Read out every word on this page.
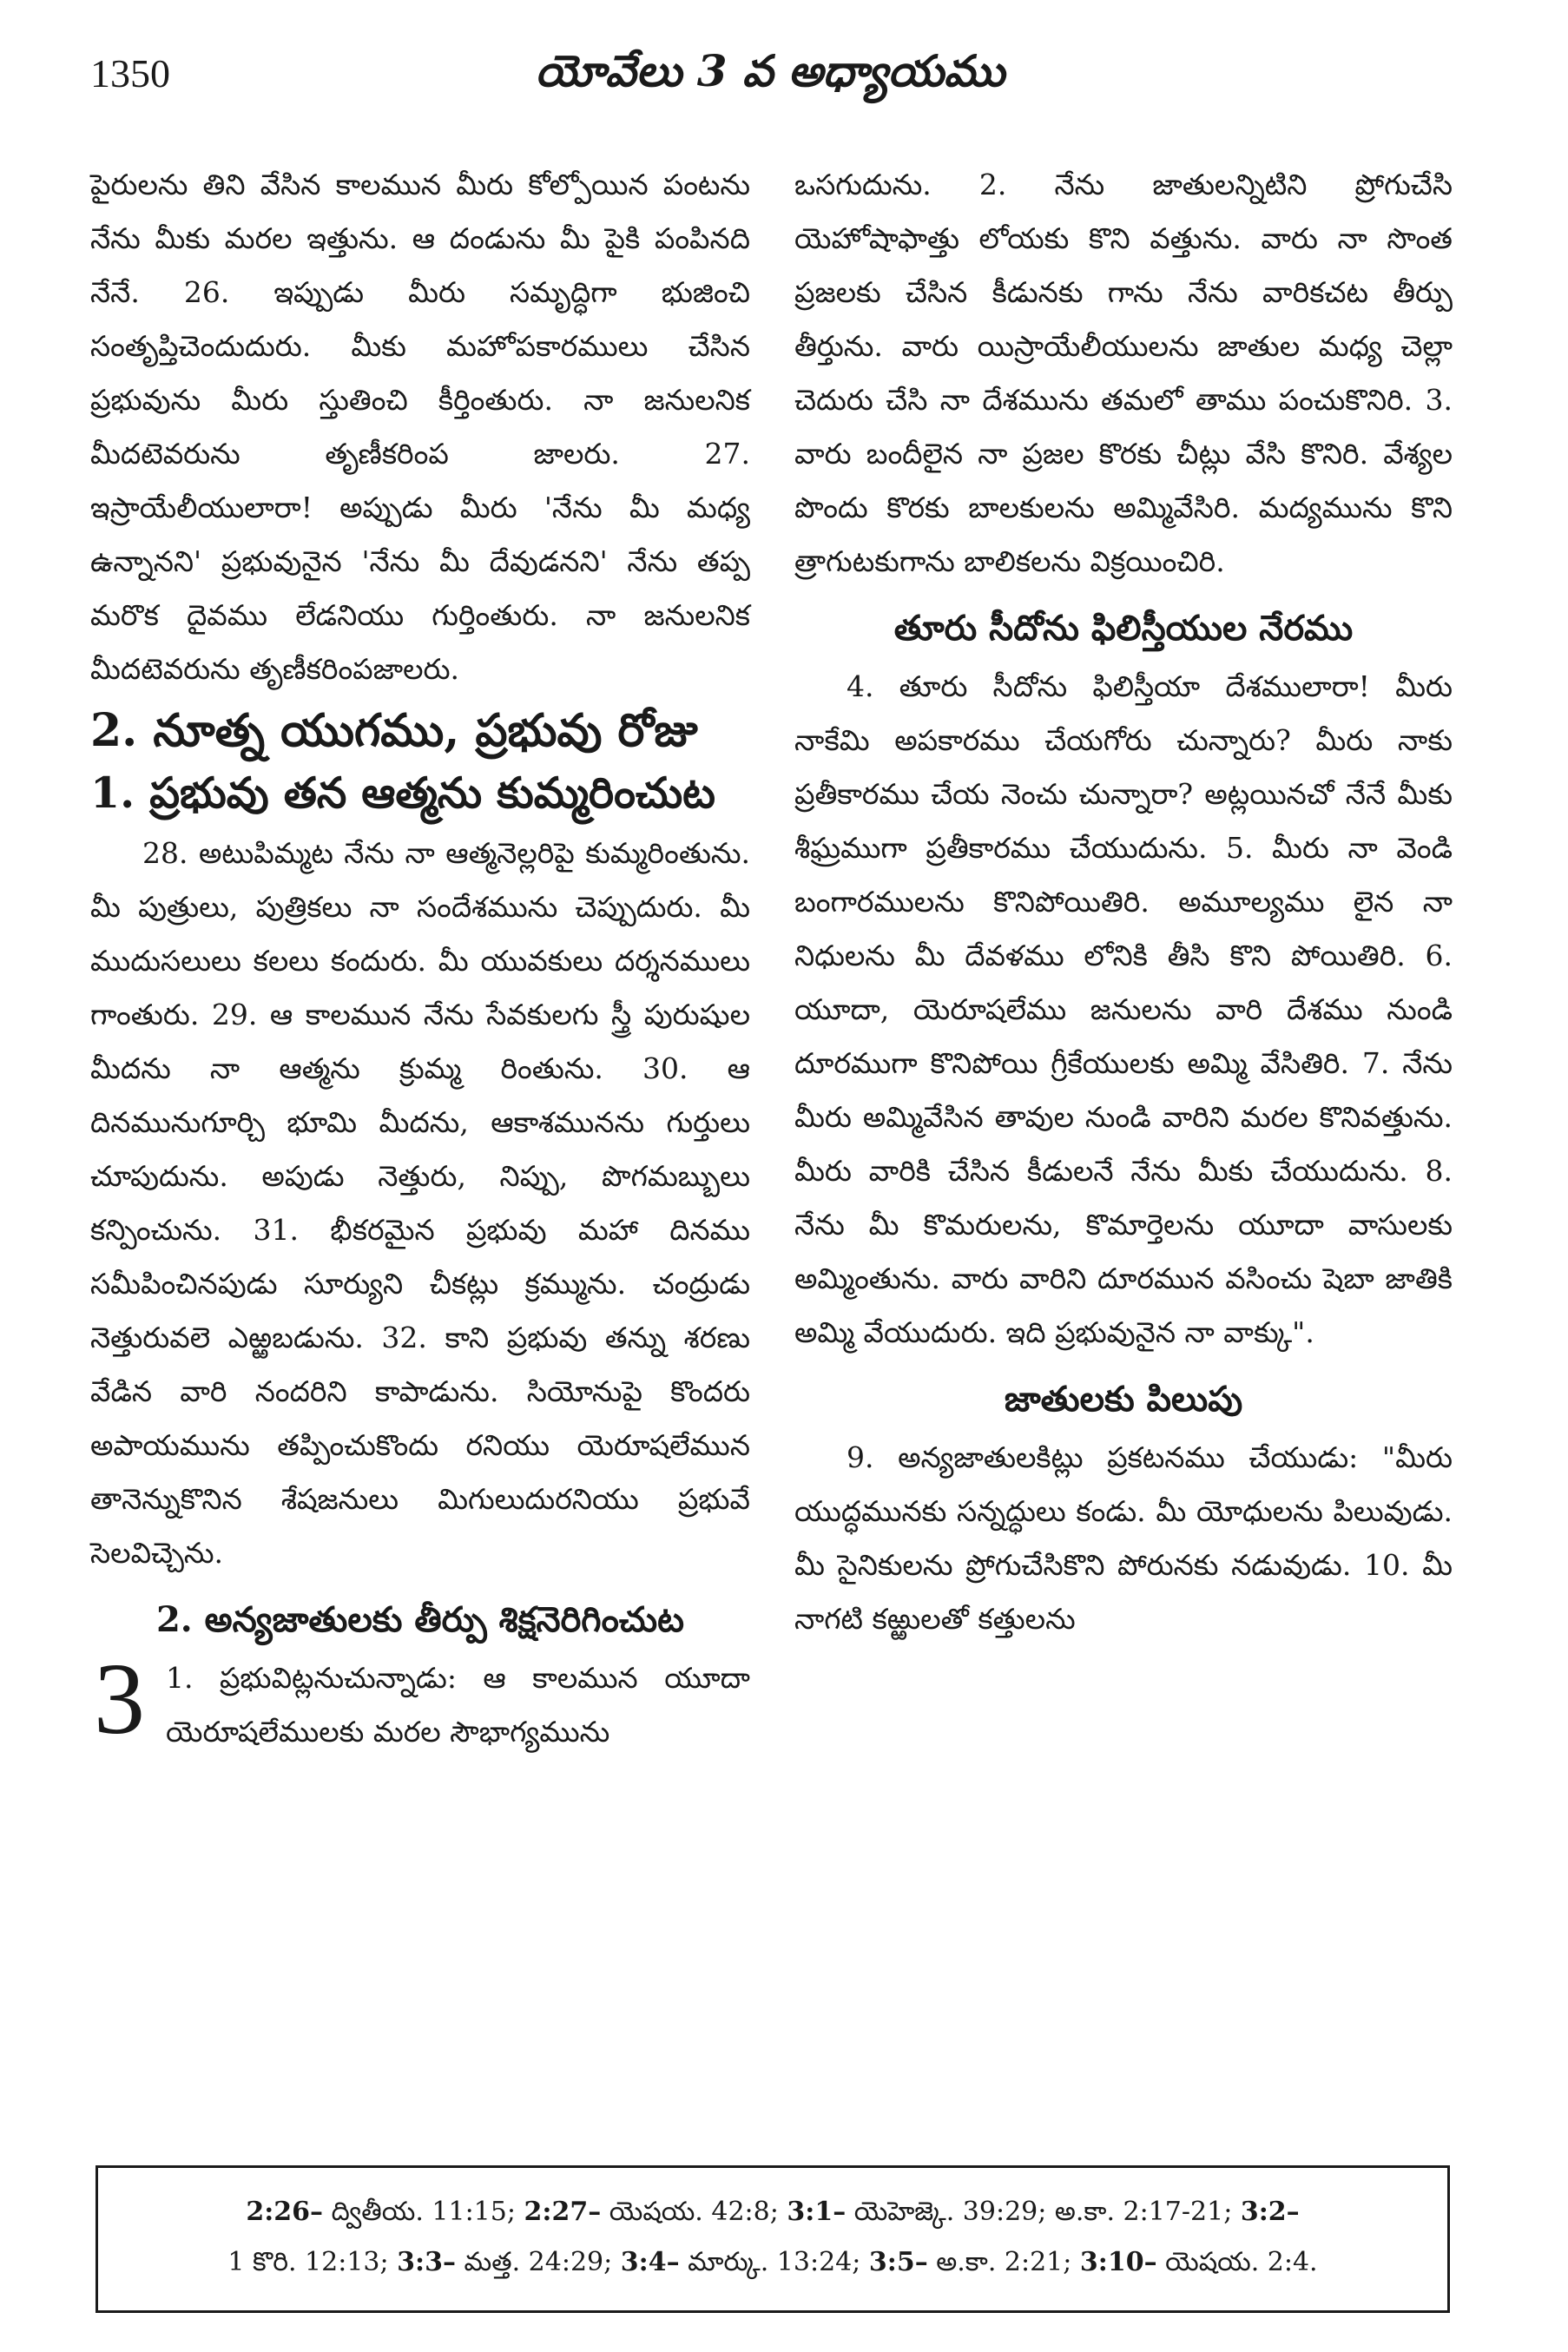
1350	యోవేలు 3 వ అధ్యాయము

పైరులను తిని వేసిన కాలమున మీరు కోల్పోయిన పంటను నేను మీకు మరల ఇత్తును. ఆ దండును మీ పైకి పంపినది నేనే. 26. ఇప్పుడు మీరు సమృద్ధిగా భుజించి సంతృప్తిచెందుదురు. మీకు మహోపకారములు చేసిన ప్రభువును మీరు స్తుతించి కీర్తింతురు. నా జనులనిక మీదటెవరును తృణీకరింప జాలరు. 27. ఇస్రాయేలీయులారా! అప్పుడు మీరు 'నేను మీ మధ్య ఉన్నానని' ప్రభువునైన 'నేను మీ దేవుడనని' నేను తప్ప మరొక దైవము లేడనియు గుర్తింతురు. నా జనులనిక మీదటెవరును తృణీకరింపజాలరు.

2. నూత్న యుగము, ప్రభువు రోజు
1. ప్రభువు తన ఆత్మను కుమ్మరించుట

28. అటుపిమ్మట నేను నా ఆత్మనెల్లరిపై కుమ్మరింతును. మీ పుత్రులు, పుత్రికలు నా సందేశమును చెప్పుదురు. మీ ముదుసలులు కలలు కందురు. మీ యువకులు దర్శనములు గాంతురు. 29. ఆ కాలమున నేను సేవకులగు స్త్రీ పురుషుల మీదను నా ఆత్మను క్రుమ్మ రింతును. 30. ఆ దినమునుగూర్చి భూమి మీదను, ఆకాశమునను గుర్తులు చూపుదును. అపుడు నెత్తురు, నిప్పు, పొగమబ్బులు కన్పించును. 31. భీకరమైన ప్రభువు మహా దినము సమీపించినపుడు సూర్యుని చీకట్లు క్రమ్మును. చంద్రుడు నెత్తురువలె ఎఱ్ఱబడును. 32. కాని ప్రభువు తన్ను శరణు వేడిన వారి నందరిని కాపాడును. సియోనుపై కొందరు అపాయమును తప్పించుకొందు రనియు యెరూషలేమున తానెన్నుకొనిన శేషజనులు మిగులుదురనియు ప్రభువే సెలవిచ్చెను.

2. అన్యజాతులకు తీర్పు శిక్షనెరిగించుట
3 1. ప్రభువిట్లనుచున్నాడు: ఆ కాలమున యూదా యెరూషలేములకు మరల సౌభాగ్యమును

ఒసగుదును. 2. నేను జాతులన్నిటిని ప్రోగుచేసి యెహోషాఫాత్తు లోయకు కొని వత్తును. వారు నా సొంత ప్రజలకు చేసిన కీడునకు గాను నేను వారికచట తీర్పు తీర్తును. వారు యిస్రాయేలీయులను జాతుల మధ్య చెల్లా చెదురు చేసి నా దేశమును తమలో తాము పంచుకొనిరి. 3. వారు బందీలైన నా ప్రజల కొరకు చీట్లు వేసి కొనిరి. వేశ్యల పొందు కొరకు బాలకులను అమ్మివేసిరి. మద్యమును కొని త్రాగుటకుగాను బాలికలను విక్రయించిరి.

తూరు సీదోను ఫిలిస్తీయుల నేరము

4. తూరు సీదోను ఫిలిస్తీయా దేశములారా! మీరు నాకేమి అపకారము చేయగోరు చున్నారు? మీరు నాకు ప్రతీకారము చేయ నెంచు చున్నారా? అట్లయినచో నేనే మీకు శీఘ్రముగా ప్రతీకారము చేయుదును. 5. మీరు నా వెండి బంగారములను కొనిపోయితిరి. అమూల్యము లైన నా నిధులను మీ దేవళము లోనికి తీసి కొని పోయితిరి. 6. యూదా, యెరూషలేము జనులను వారి దేశము నుండి దూరముగా కొనిపోయి గ్రీకేయులకు అమ్మి వేసితిరి. 7. నేను మీరు అమ్మివేసిన తావుల నుండి వారిని మరల కొనివత్తును. మీరు వారికి చేసిన కీడులనే నేను మీకు చేయుదును. 8. నేను మీ కొమరులను, కొమార్తెలను యూదా వాసులకు అమ్మింతును. వారు వారిని దూరమున వసించు షెబా జాతికి అమ్మి వేయుదురు. ఇది ప్రభువునైన నా వాక్కు".

జాతులకు పిలుపు

9. అన్యజాతులకిట్లు ప్రకటనము చేయుడు: "మీరు యుద్ధమునకు సన్నద్ధులు కండు. మీ యోధులను పిలువుడు. మీ సైనికులను ప్రోగుచేసికొని పోరునకు నడువుడు. 10. మీ నాగటి కఱ్ఱులతో కత్తులను

2:26– ద్వితీయ. 11:15; 2:27– యెషయ. 42:8; 3:1– యెహెజ్కె. 39:29; అ.కా. 2:17-21; 3:2–
1 కొరి. 12:13; 3:3– మత్త. 24:29; 3:4– మార్కు. 13:24; 3:5– అ.కా. 2:21; 3:10– యెషయ. 2:4.
